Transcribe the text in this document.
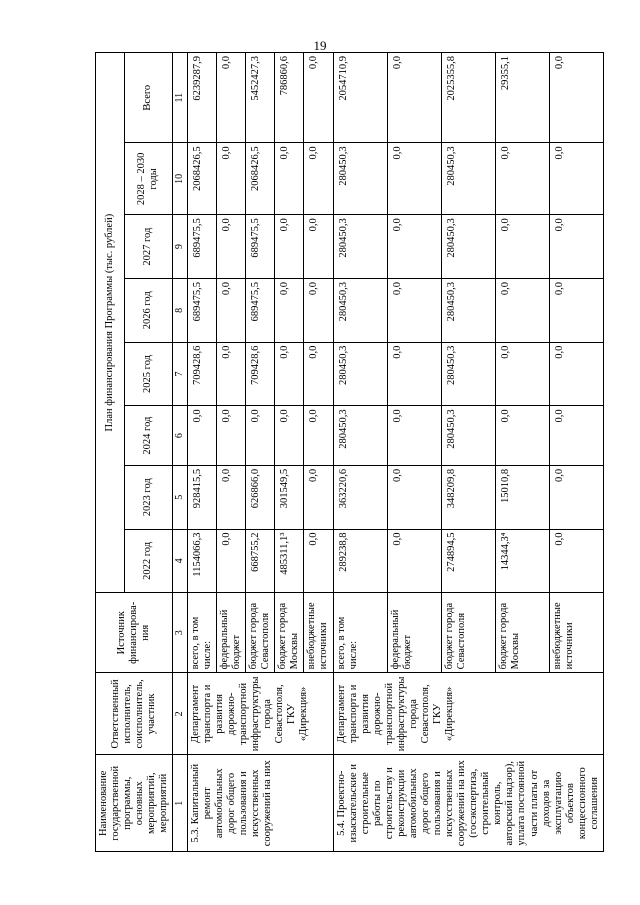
19
Наименование государственной программы, основных мероприятий, мероприятий	Ответственный исполнитель, соисполнитель, участник	Источник финансирова- ния	План финансирования Программы (тыс. рублей)							
			2022 год	2023 год	2024 год	2025 год	2026 год	2027 год	2028 – 2030 годы	Всего
1	2	3	4	5	6	7	8	9	10	11
5.3. Капитальный ремонт автомобильных дорог общего пользования и искусственных сооружений на них	Департамент транспорта и развития дорожно-транспортной инфраструктуры города Севастополя, ГКУ «Дирекция»	всего, в том числе:	1154066,3	928415,5	0,0	709428,6	689475,5	689475,5	2068426,5	6239287,9
		федеральный бюджет	0,0	0,0	0,0	0,0	0,0	0,0	0,0	0,0
		бюджет города Севастополя	668755,2	626866,0	0,0	709428,6	689475,5	689475,5	2068426,5	5452427,3
		бюджет города Москвы	485311,1³	301549,5	0,0	0,0	0,0	0,0	0,0	786860,6
		внебюджетные источники	0,0	0,0	0,0	0,0	0,0	0,0	0,0	0,0
5.4. Проектно-изыскательские и строительные работы по строительству и реконструкции автомобильных дорог общего пользования и искусственных сооружений на них (госэкспертиза, строительный контроль, авторский надзор), уплата постоянной части платы от доходов за эксплуатацию объектов концессионного соглашения	Департамент транспорта и развития дорожно-транспортной инфраструктуры города Севастополя, ГКУ «Дирекция»	всего, в том числе:	289238,8	363220,6	280450,3	280450,3	280450,3	280450,3	280450,3	2054710,9
		федеральный бюджет	0,0	0,0	0,0	0,0	0,0	0,0	0,0	0,0
		бюджет города Севастополя	274894,5	348209,8	280450,3	280450,3	280450,3	280450,3	280450,3	2025355,8
		бюджет города Москвы	14344,3⁴	15010,8	0,0	0,0	0,0	0,0	0,0	29355,1
		внебюджетные источники	0,0	0,0	0,0	0,0	0,0	0,0	0,0	0,0
